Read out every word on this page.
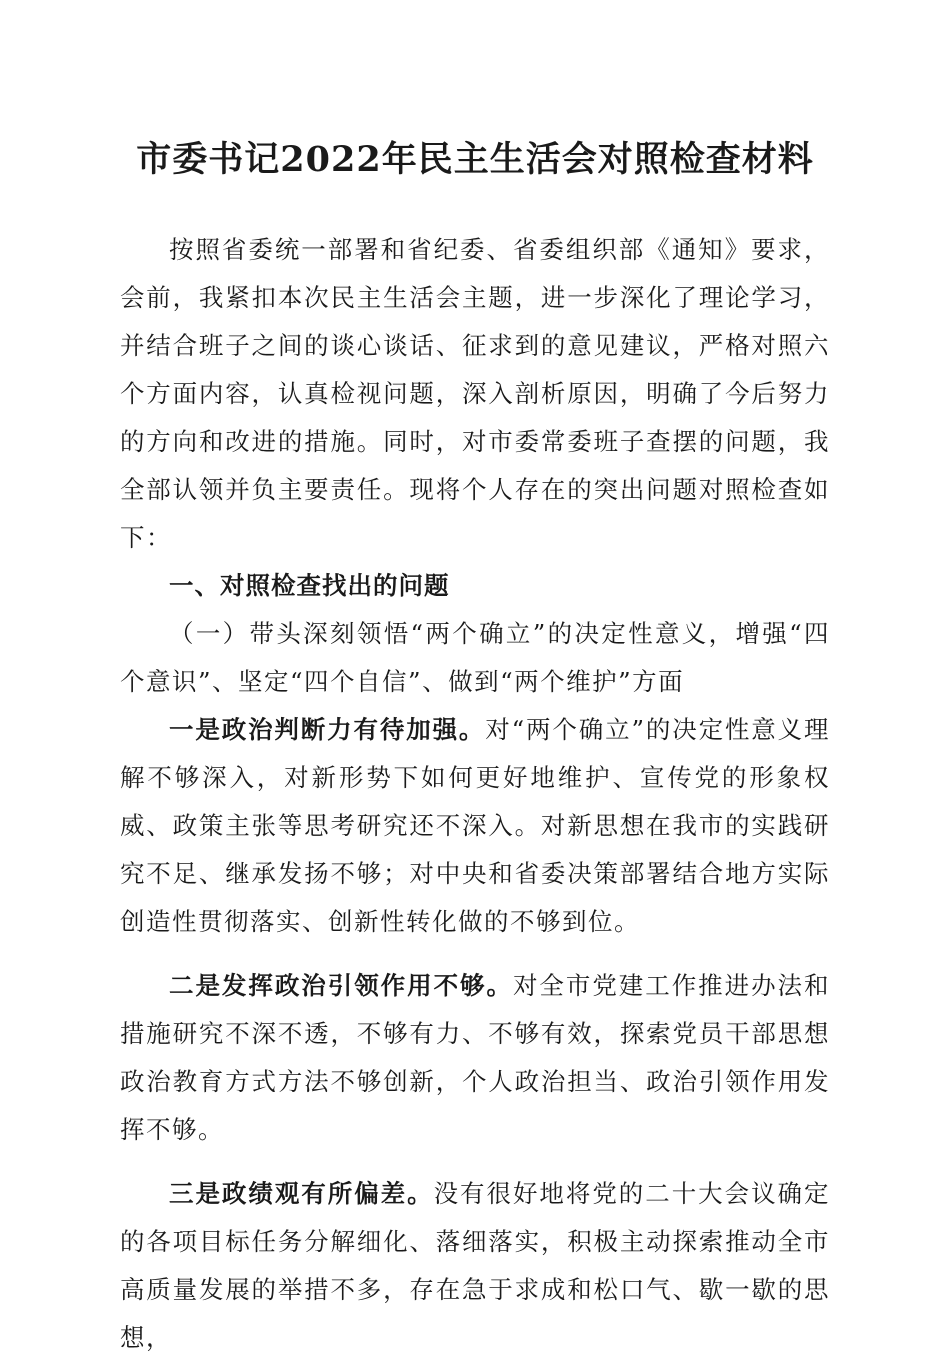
市委书记2022年民主生活会对照检查材料

按照省委统一部署和省纪委、省委组织部《通知》要求，会前，我紧扣本次民主生活会主题，进一步深化了理论学习，并结合班子之间的谈心谈话、征求到的意见建议，严格对照六个方面内容，认真检视问题，深入剖析原因，明确了今后努力的方向和改进的措施。同时，对市委常委班子查摆的问题，我全部认领并负主要责任。现将个人存在的突出问题对照检查如下：

一、对照检查找出的问题

（一）带头深刻领悟“两个确立”的决定性意义，增强“四个意识”、坚定“四个自信”、做到“两个维护”方面

一是政治判断力有待加强。对“两个确立”的决定性意义理解不够深入，对新形势下如何更好地维护、宣传党的形象权威、政策主张等思考研究还不深入。对新思想在我市的实践研究不足、继承发扬不够；对中央和省委决策部署结合地方实际创造性贯彻落实、创新性转化做的不够到位。

二是发挥政治引领作用不够。对全市党建工作推进办法和措施研究不深不透，不够有力、不够有效，探索党员干部思想政治教育方式方法不够创新，个人政治担当、政治引领作用发挥不够。

三是政绩观有所偏差。没有很好地将党的二十大会议确定的各项目标任务分解细化、落细落实，积极主动探索推动全市高质量发展的举措不多，存在急于求成和松口气、歇一歇的思想，
